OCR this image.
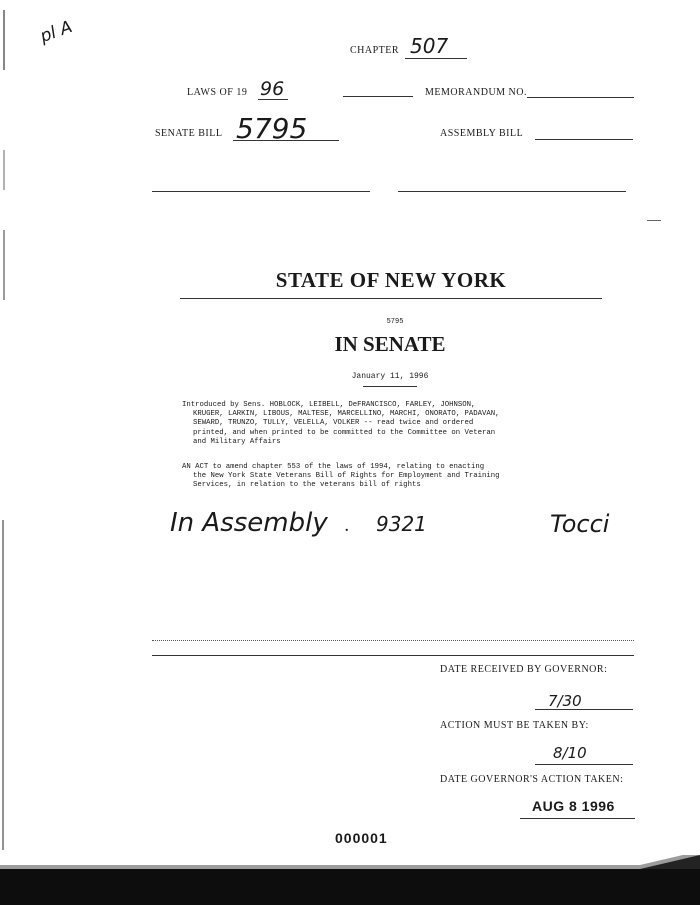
pl A
CHAPTER 507
LAWS OF 19 96	MEMORANDUM NO.
SENATE BILL 5795	ASSEMBLY BILL
STATE OF NEW YORK
5795
IN SENATE
January 11, 1996
Introduced by Sens. HOBLOCK, LEIBELL, DeFRANCISCO, FARLEY, JOHNSON,
KRUGER, LARKIN, LIBOUS, MALTESE, MARCELLINO, MARCHI, ONORATO, PADAVAN,
SEWARD, TRUNZO, TULLY, VELELLA, VOLKER -- read twice and ordered
printed, and when printed to be committed to the Committee on Veteran
and Military Affairs
AN ACT to amend chapter 553 of the laws of 1994, relating to enacting
the New York State Veterans Bill of Rights for Employment and Training
Services, in relation to the veterans bill of rights
In Assembly . 9321	Tocci
DATE RECEIVED BY GOVERNOR:
7/30
ACTION MUST BE TAKEN BY:
8/10
DATE GOVERNOR'S ACTION TAKEN:
AUG 8 1996
000001
